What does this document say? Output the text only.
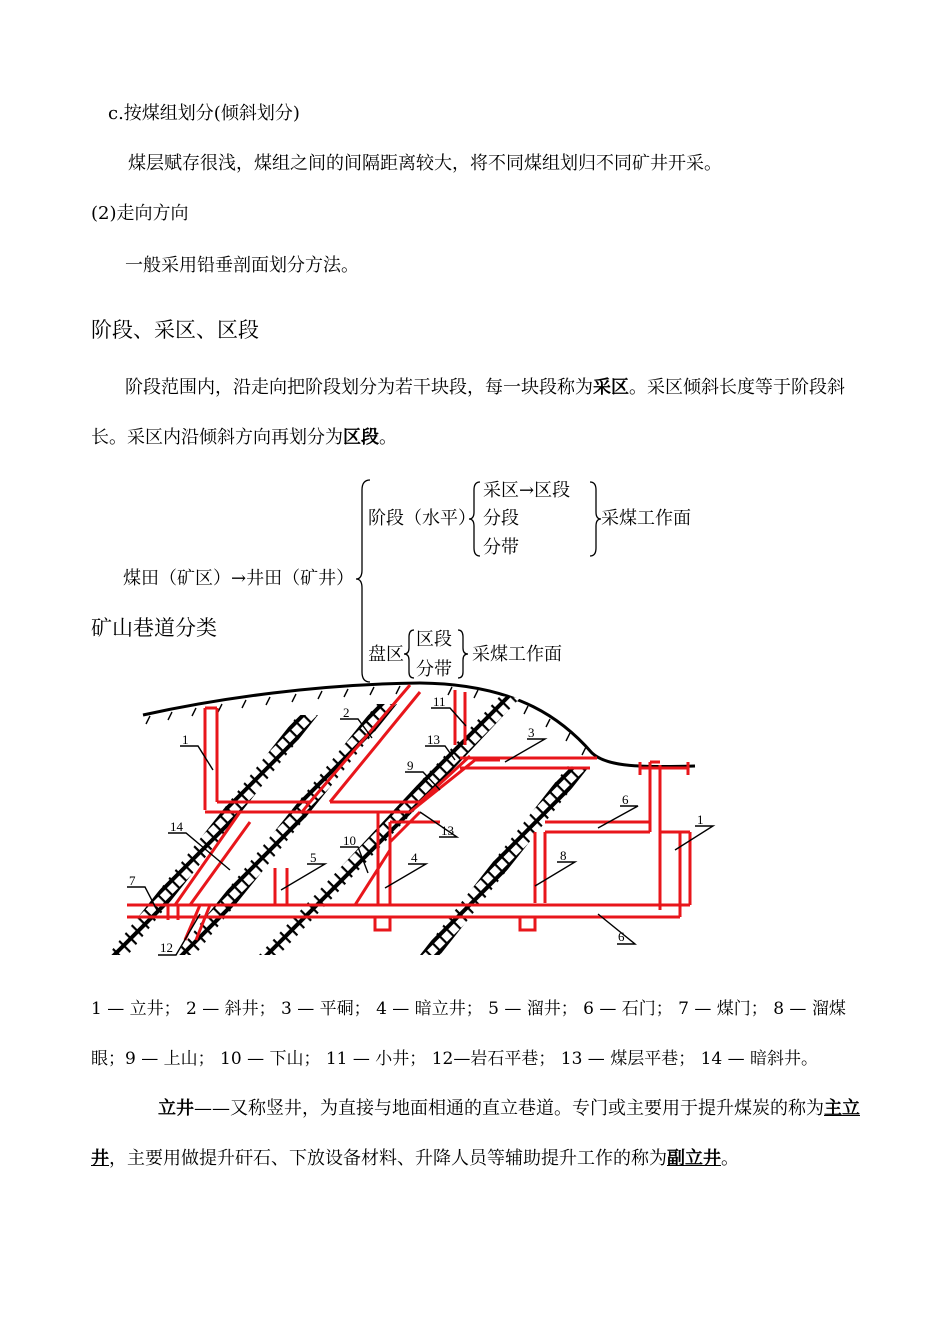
c.按煤组划分(倾斜划分)
煤层赋存很浅，煤组之间的间隔距离较大，将不同煤组划归不同矿井开采。
(2)走向方向
一般采用铅垂剖面划分方法。
阶段、采区、区段
阶段范围内，沿走向把阶段划分为若干块段，每一块段称为采区。采区倾斜长度等于阶段斜
长。采区内沿倾斜方向再划分为区段。
煤田（矿区）→井田（矿井）
阶段（水平）
采区→区段
分段
分带
采煤工作面
盘区
区段
分带
采煤工作面
矿山巷道分类
1
2
11
13	3
9
1
6
14
10
5	4
13
8
7
12
6
1 — 立井； 2 — 斜井； 3 — 平硐； 4 — 暗立井； 5 — 溜井； 6 — 石门； 7 — 煤门； 8 — 溜煤
眼；9 — 上山； 10 — 下山； 11 — 小井； 12—岩石平巷； 13 — 煤层平巷； 14 — 暗斜井。
立井——又称竖井，为直接与地面相通的直立巷道。专门或主要用于提升煤炭的称为主立
井，主要用做提升矸石、下放设备材料、升降人员等辅助提升工作的称为副立井。
